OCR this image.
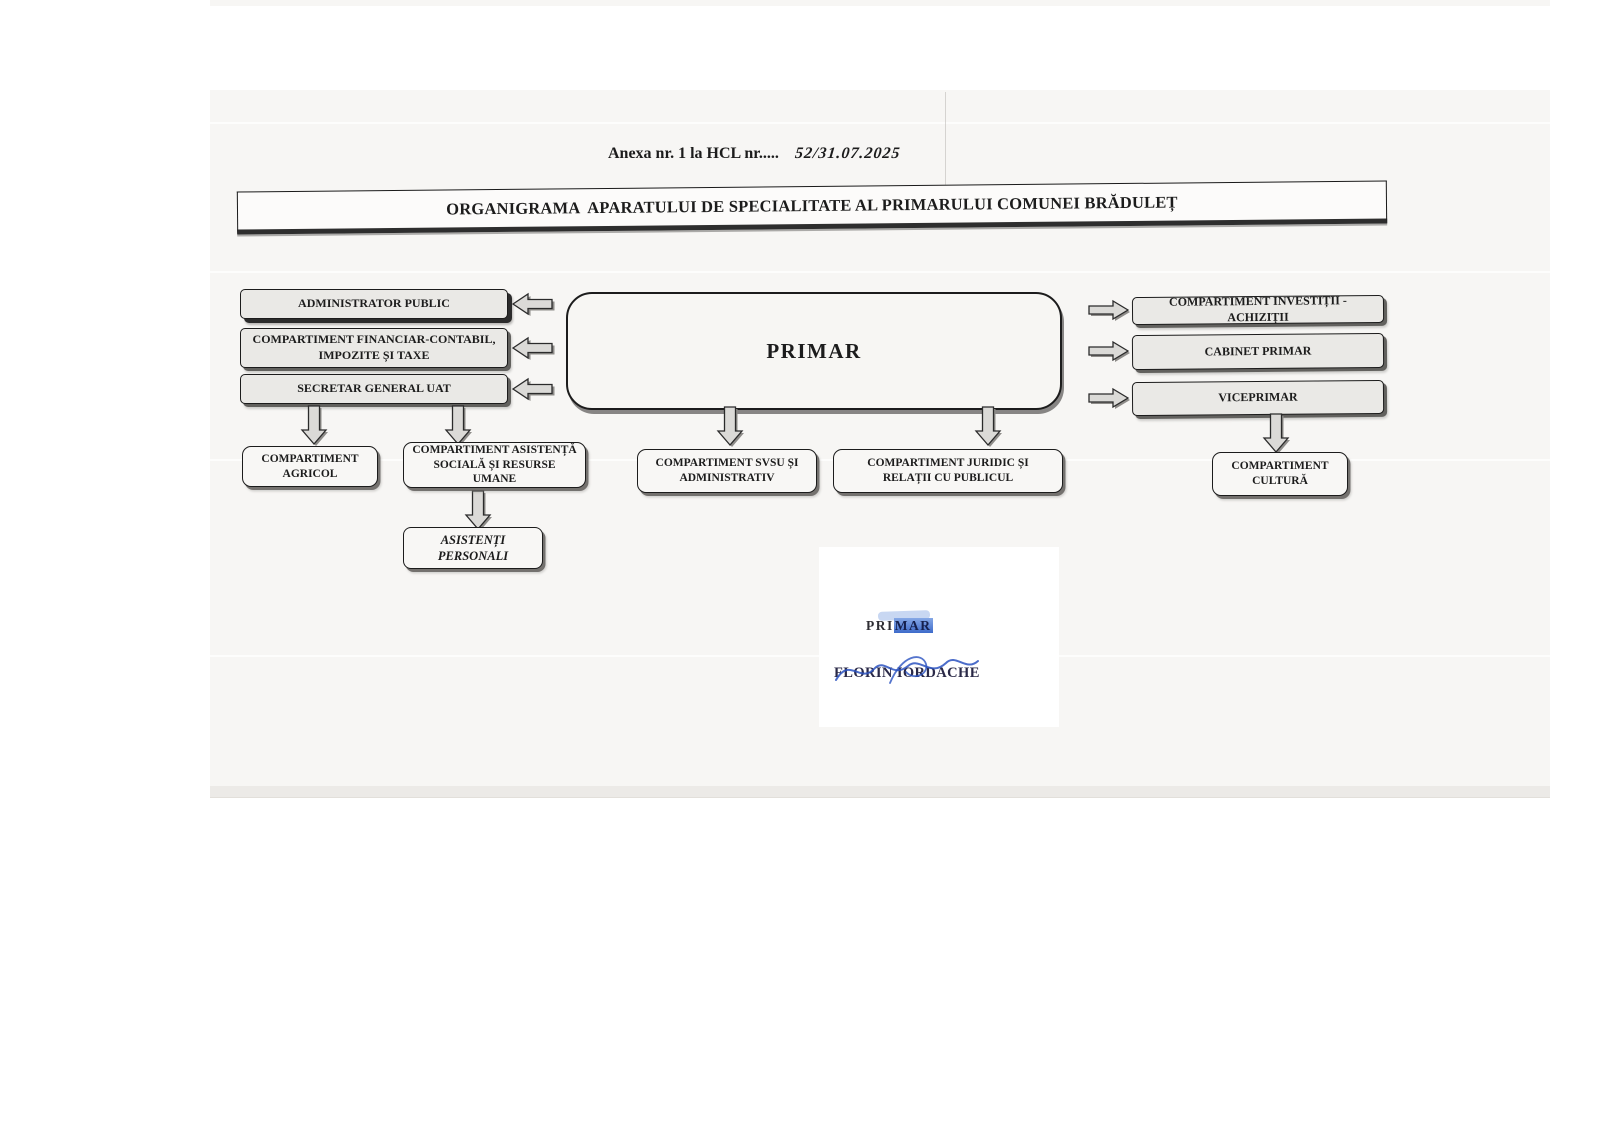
Anexa nr. 1 la HCL nr..... 52/31.07.2025
ORGANIGRAMA  APARATULUI DE SPECIALITATE AL PRIMARULUI COMUNEI BRĂDULEȚ
PRIMAR
ADMINISTRATOR PUBLIC
COMPARTIMENT FINANCIAR-CONTABIL, IMPOZITE ȘI TAXE
SECRETAR GENERAL UAT
COMPARTIMENT INVESTIȚII - ACHIZIȚII
CABINET PRIMAR
VICEPRIMAR
COMPARTIMENT AGRICOL
COMPARTIMENT ASISTENȚĂ SOCIALĂ ȘI RESURSE UMANE
COMPARTIMENT SVSU ȘI ADMINISTRATIV
COMPARTIMENT JURIDIC ȘI RELAȚII CU PUBLICUL
COMPARTIMENT CULTURĂ
ASISTENȚI PERSONALI
PRIMAR
FLORIN IORDACHE
